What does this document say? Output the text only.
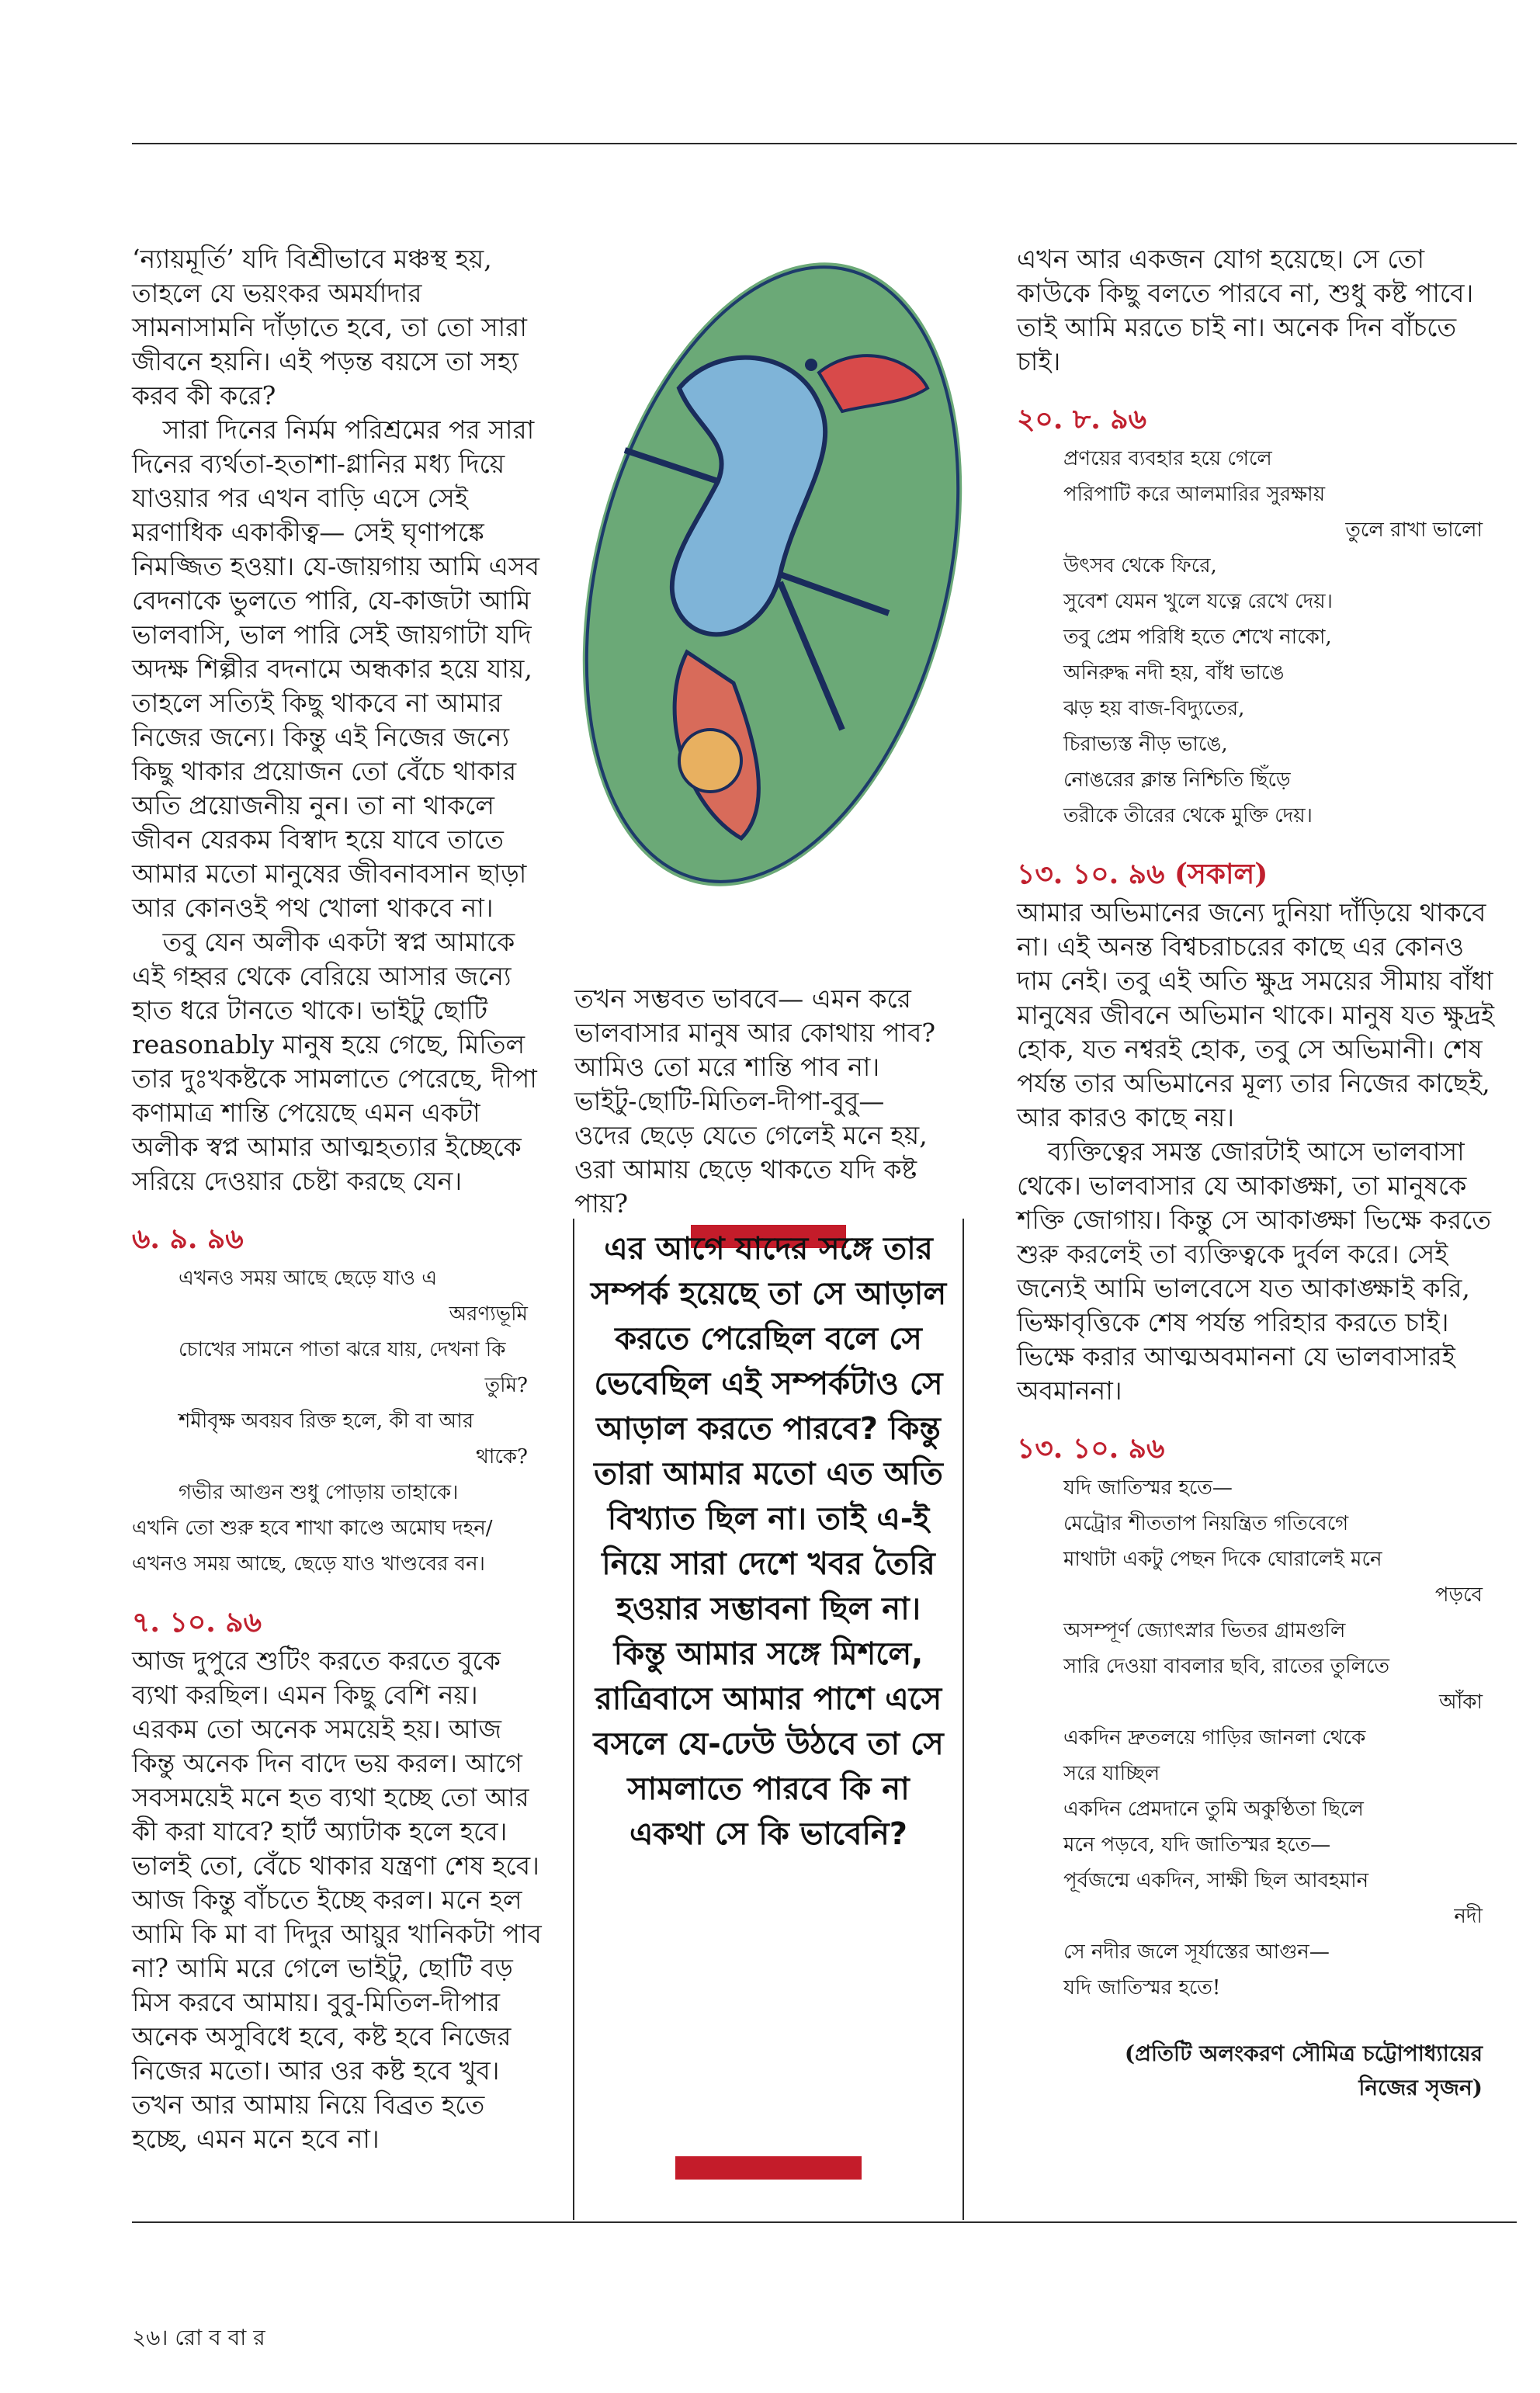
‘ন্যায়মূর্তি’ যদি বিশ্রীভাবে মঞ্চস্থ হয়, তাহলে যে ভয়ংকর অমর্যাদার সামনাসামনি দাঁড়াতে হবে, তা তো সারা জীবনে হয়নি। এই পড়ন্ত বয়সে তা সহ্য করব কী করে?

সারা দিনের নির্মম পরিশ্রমের পর সারা দিনের ব্যর্থতা-হতাশা-গ্লানির মধ্য দিয়ে যাওয়ার পর এখন বাড়ি এসে সেই মরণাধিক একাকীত্ব— সেই ঘৃণাপঙ্কে নিমজ্জিত হওয়া। যে-জায়গায় আমি এসব বেদনাকে ভুলতে পারি, যে-কাজটা আমি ভালবাসি, ভাল পারি সেই জায়গাটা যদি অদক্ষ শিল্পীর বদনামে অন্ধকার হয়ে যায়, তাহলে সত্যিই কিছু থাকবে না আমার নিজের জন্যে। কিন্তু এই নিজের জন্যে কিছু থাকার প্রয়োজন তো বেঁচে থাকার অতি প্রয়োজনীয় নুন। তা না থাকলে জীবন যেরকম বিস্বাদ হয়ে যাবে তাতে আমার মতো মানুষের জীবনাবসান ছাড়া আর কোনওই পথ খোলা থাকবে না।

তবু যেন অলীক একটা স্বপ্ন আমাকে এই গহ্বর থেকে বেরিয়ে আসার জন্যে হাত ধরে টানতে থাকে। ভাইটু ছোটি reasonably মানুষ হয়ে গেছে, মিতিল তার দুঃখকষ্টকে সামলাতে পেরেছে, দীপা কণামাত্র শান্তি পেয়েছে এমন একটা অলীক স্বপ্ন আমার আত্মহত্যার ইচ্ছেকে সরিয়ে দেওয়ার চেষ্টা করছে যেন।

৬. ৯. ৯৬
এখনও সময় আছে ছেড়ে যাও এ
অরণ্যভূমি
চোখের সামনে পাতা ঝরে যায়, দেখনা কি
তুমি?
শমীবৃক্ষ অবয়ব রিক্ত হলে, কী বা আর
থাকে?
গভীর আগুন শুধু পোড়ায় তাহাকে।
এখনি তো শুরু হবে শাখা কাণ্ডে অমোঘ দহন/
এখনও সময় আছে, ছেড়ে যাও খাণ্ডবের বন।
৭. ১০. ৯৬

আজ দুপুরে শুটিং করতে করতে বুকে ব্যথা করছিল। এমন কিছু বেশি নয়। এরকম তো অনেক সময়েই হয়। আজ কিন্তু অনেক দিন বাদে ভয় করল। আগে সবসময়েই মনে হত ব্যথা হচ্ছে তো আর কী করা যাবে? হার্ট অ্যাটাক হলে হবে। ভালই তো, বেঁচে থাকার যন্ত্রণা শেষ হবে। আজ কিন্তু বাঁচতে ইচ্ছে করল। মনে হল আমি কি মা বা দিদুর আয়ুর খানিকটা পাব না? আমি মরে গেলে ভাইটু, ছোটি বড় মিস করবে আমায়। বুবু-মিতিল-দীপার অনেক অসুবিধে হবে, কষ্ট হবে নিজের নিজের মতো। আর ওর কষ্ট হবে খুব। তখন আর আমায় নিয়ে বিব্রত হতে হচ্ছে, এমন মনে হবে না।

তখন সম্ভবত ভাববে— এমন করে ভালবাসার মানুষ আর কোথায় পাব? আমিও তো মরে শান্তি পাব না। ভাইটু-ছোটি-মিতিল-দীপা-বুবু— ওদের ছেড়ে যেতে গেলেই মনে হয়, ওরা আমায় ছেড়ে থাকতে যদি কষ্ট পায়?

এর আগে যাদের সঙ্গে তার সম্পর্ক হয়েছে তা সে আড়াল করতে পেরেছিল বলে সে ভেবেছিল এই সম্পর্কটাও সে আড়াল করতে পারবে? কিন্তু তারা আমার মতো এত অতি বিখ্যাত ছিল না। তাই এ-ই নিয়ে সারা দেশে খবর তৈরি হওয়ার সম্ভাবনা ছিল না। কিন্তু আমার সঙ্গে মিশলে, রাত্রিবাসে আমার পাশে এসে বসলে যে-ঢেউ উঠবে তা সে সামলাতে পারবে কি না একথা সে কি ভাবেনি?

এখন আর একজন যোগ হয়েছে। সে তো কাউকে কিছু বলতে পারবে না, শুধু কষ্ট পাবে। তাই আমি মরতে চাই না। অনেক দিন বাঁচতে চাই।

২০. ৮. ৯৬
প্রণয়ের ব্যবহার হয়ে গেলে
পরিপাটি করে আলমারির সুরক্ষায়
তুলে রাখা ভালো
উৎসব থেকে ফিরে,
সুবেশ যেমন খুলে যত্নে রেখে দেয়।
তবু প্রেম পরিধি হতে শেখে নাকো,
অনিরুদ্ধ নদী হয়, বাঁধ ভাঙে
ঝড় হয় বাজ-বিদ্যুতের,
চিরাভ্যস্ত নীড় ভাঙে,
নোঙরের ক্লান্ত নিশ্চিতি ছিঁড়ে
তরীকে তীরের থেকে মুক্তি দেয়।
১৩. ১০. ৯৬ (সকাল)

আমার অভিমানের জন্যে দুনিয়া দাঁড়িয়ে থাকবে না। এই অনন্ত বিশ্বচরাচরের কাছে এর কোনও দাম নেই। তবু এই অতি ক্ষুদ্র সময়ের সীমায় বাঁধা মানুষের জীবনে অভিমান থাকে। মানুষ যত ক্ষুদ্রই হোক, যত নশ্বরই হোক, তবু সে অভিমানী। শেষ পর্যন্ত তার অভিমানের মূল্য তার নিজের কাছেই, আর কারও কাছে নয়।

ব্যক্তিত্বের সমস্ত জোরটাই আসে ভালবাসা থেকে। ভালবাসার যে আকাঙ্ক্ষা, তা মানুষকে শক্তি জোগায়। কিন্তু সে আকাঙ্ক্ষা ভিক্ষে করতে শুরু করলেই তা ব্যক্তিত্বকে দুর্বল করে। সেই জন্যেই আমি ভালবেসে যত আকাঙ্ক্ষাই করি, ভিক্ষাবৃত্তিকে শেষ পর্যন্ত পরিহার করতে চাই। ভিক্ষে করার আত্মঅবমাননা যে ভালবাসারই অবমাননা।

১৩. ১০. ৯৬
যদি জাতিস্মর হতে—
মেট্রোর শীততাপ নিয়ন্ত্রিত গতিবেগে
মাথাটা একটু পেছন দিকে ঘোরালেই মনে
পড়বে
অসম্পূর্ণ জ্যোৎস্নার ভিতর গ্রামগুলি
সারি দেওয়া বাবলার ছবি, রাতের তুলিতে
আঁকা
একদিন দ্রুতলয়ে গাড়ির জানলা থেকে
সরে যাচ্ছিল
একদিন প্রেমদানে তুমি অকুণ্ঠিতা ছিলে
মনে পড়বে, যদি জাতিস্মর হতে—
পূর্বজন্মে একদিন, সাক্ষী ছিল আবহমান
নদী
সে নদীর জলে সূর্যাস্তের আগুন—
যদি জাতিস্মর হতে!
(প্রতিটি অলংকরণ সৌমিত্র চট্টোপাধ্যায়ের
নিজের সৃজন)
২৬। রো ব বা র
